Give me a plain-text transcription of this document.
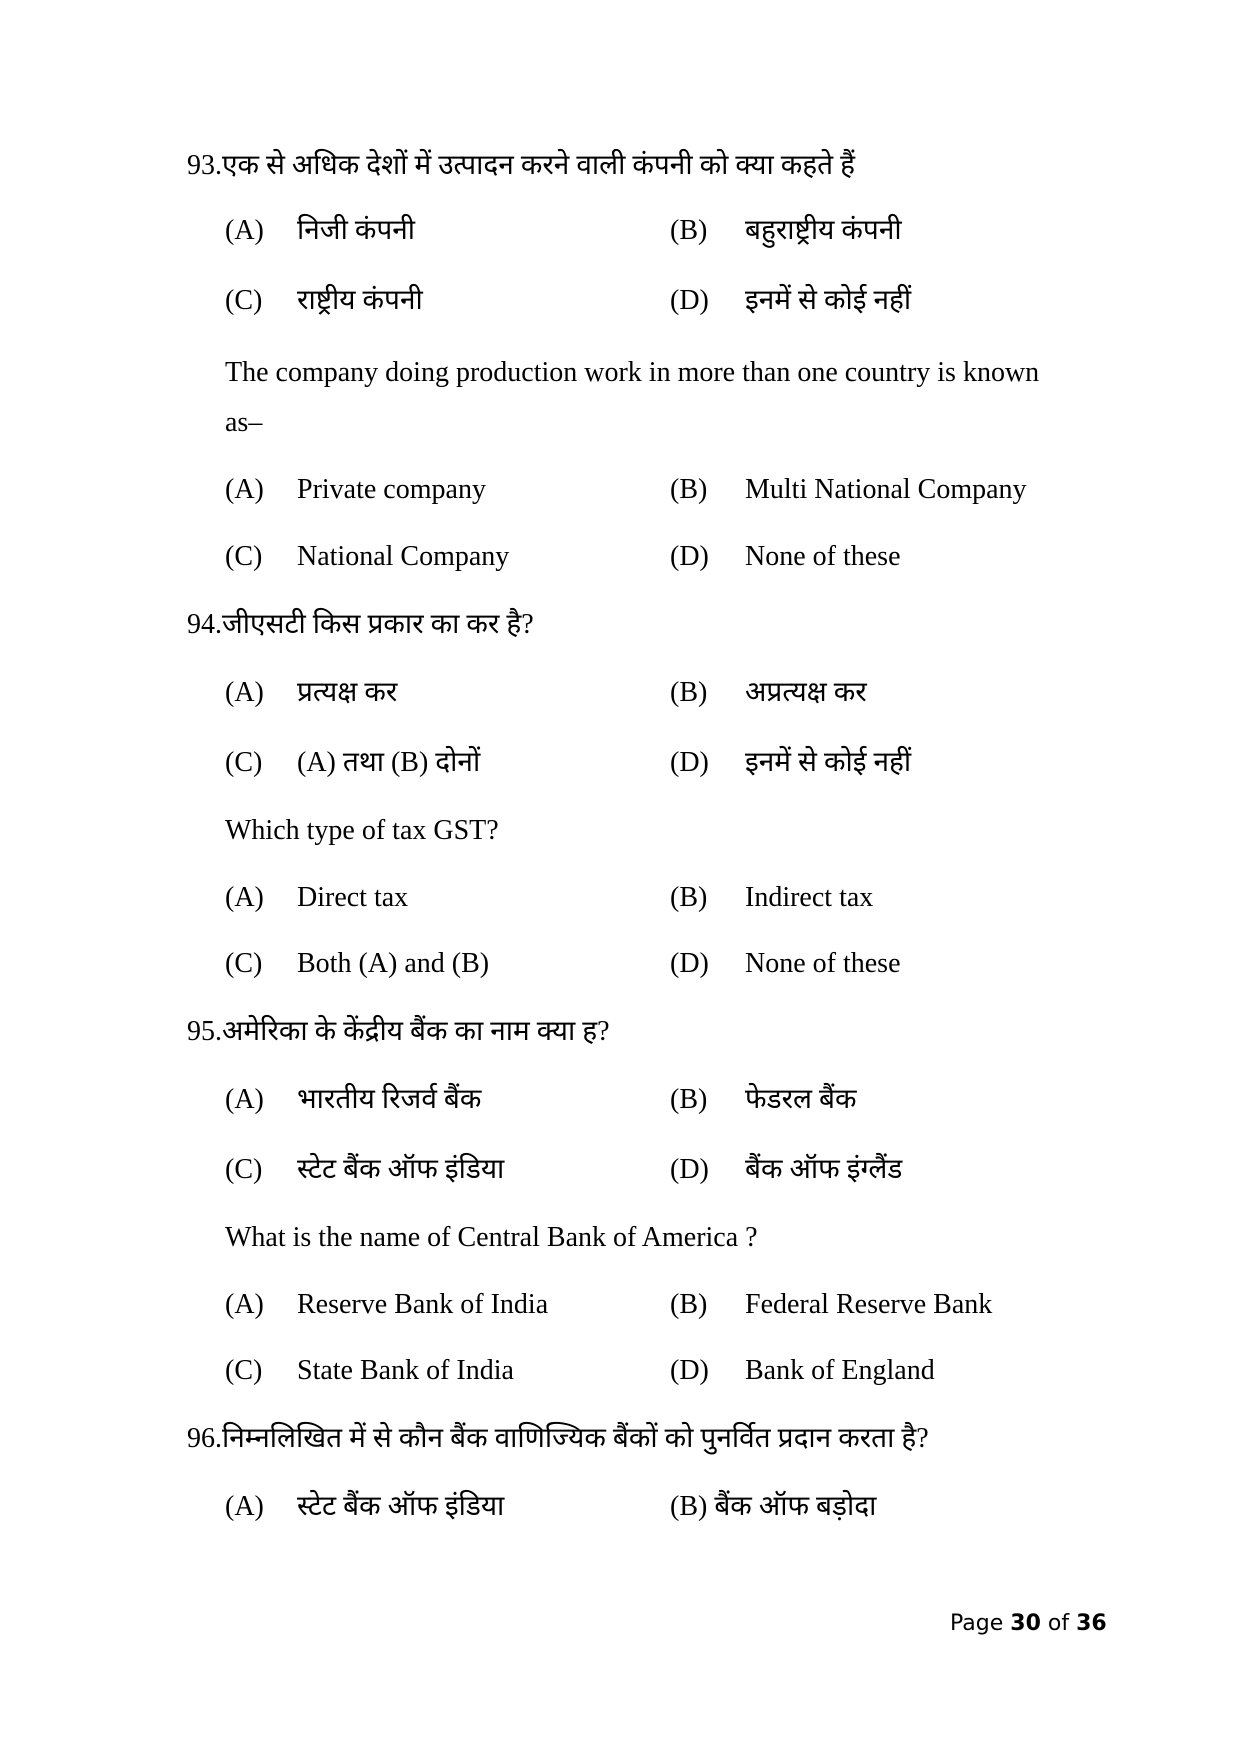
93.एक से अधिक देशों में उत्पादन करने वाली कंपनी को क्या कहते हैं
(A) निजी कंपनी	(B) बहुराष्ट्रीय कंपनी
(C) राष्ट्रीय कंपनी	(D) इनमें से कोई नहीं
The company doing production work in more than one country is known
as–
(A) Private company	(B) Multi National Company
(C) National Company	(D) None of these
94.जीएसटी किस प्रकार का कर है?
(A) प्रत्यक्ष कर	(B) अप्रत्यक्ष कर
(C) (A) तथा (B) दोनों	(D) इनमें से कोई नहीं
Which type of tax GST?
(A) Direct tax	(B) Indirect tax
(C) Both (A) and (B)	(D) None of these
95.अमेरिका के केंद्रीय बैंक का नाम क्या ह?
(A) भारतीय रिजर्व बैंक	(B) फेडरल बैंक
(C) स्टेट बैंक ऑफ इंडिया	(D) बैंक ऑफ इंग्लैंड
What is the name of Central Bank of America ?
(A) Reserve Bank of India	(B) Federal Reserve Bank
(C) State Bank of India	(D) Bank of England
96.निम्नलिखित में से कौन बैंक वाणिज्यिक बैंकों को पुनर्वित प्रदान करता है?
(A) स्टेट बैंक ऑफ इंडिया	(B) बैंक ऑफ बड़ोदा
Page 30 of 36
